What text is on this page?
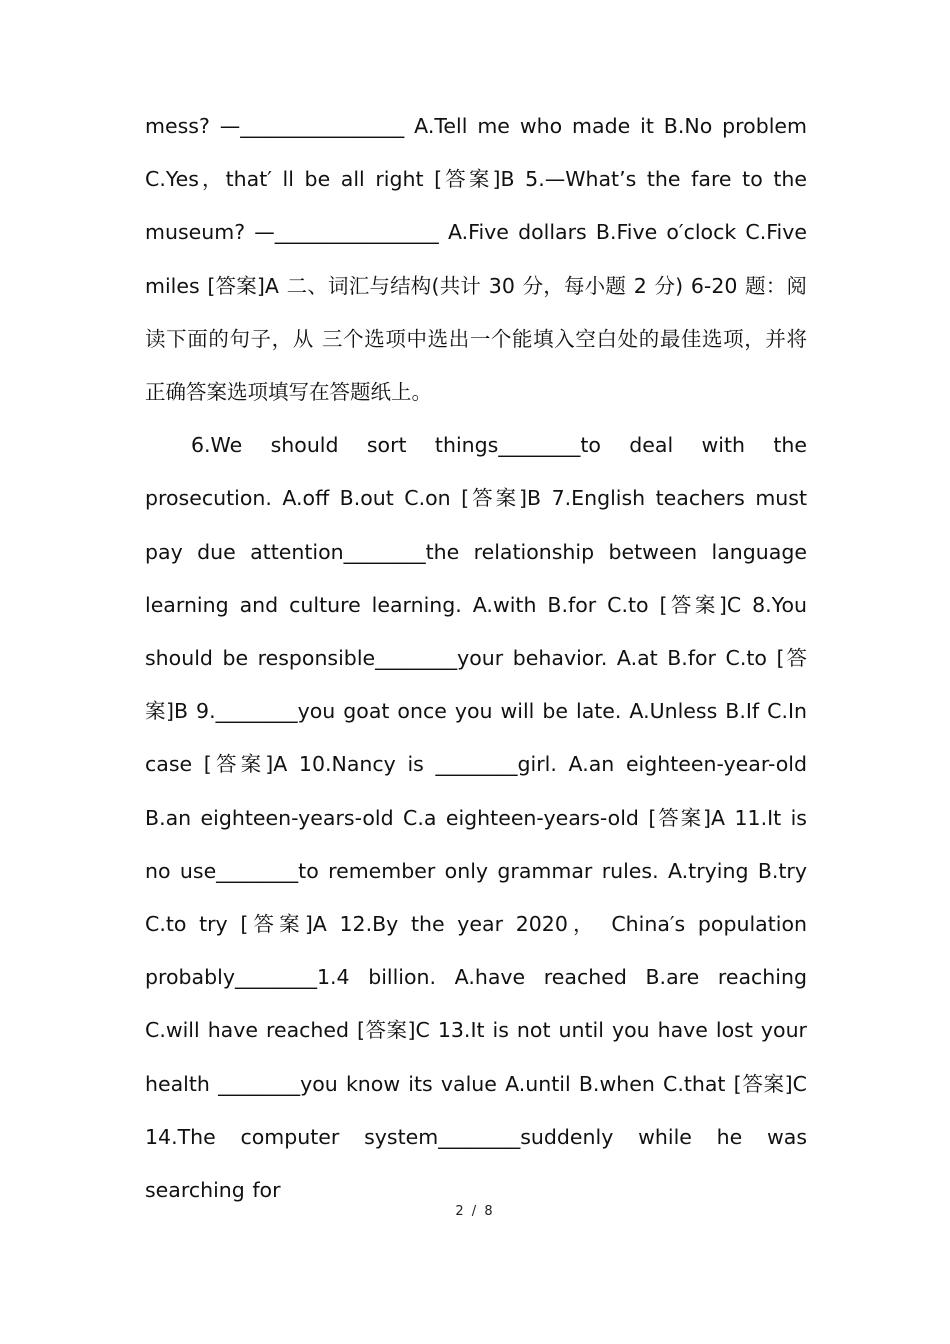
mess? —________________ A.Tell me who made it B.No problem C.Yes，that′ ll be all right [答案]B 5.—What’s the fare to the museum? —________________ A.Five dollars B.Five o′clock C.Five miles [答案]A 二、词汇与结构(共计 30 分，每小题 2 分) 6-20 题：阅读下面的句子，从 三个选项中选出一个能填入空白处的最佳选项，并将正确答案选项填写在答题纸上。

6.We should sort things________to deal with the prosecution. A.off B.out C.on [答案]B 7.English teachers must pay due attention________the relationship between language learning and culture learning. A.with B.for C.to [答案]C 8.You should be responsible________your behavior. A.at B.for C.to [答案]B 9.________you goat once you will be late. A.Unless B.If C.In case [答案]A 10.Nancy is ________girl. A.an eighteen-year-old B.an eighteen-years-old C.a eighteen-years-old [答案]A 11.It is no use________to remember only grammar rules. A.trying B.try C.to try [答案]A 12.By the year 2020， China′s population probably________1.4 billion. A.have reached B.are reaching C.will have reached [答案]C 13.It is not until you have lost your health ________you know its value A.until B.when C.that [答案]C 14.The computer system________suddenly while he was searching for

2 / 8
